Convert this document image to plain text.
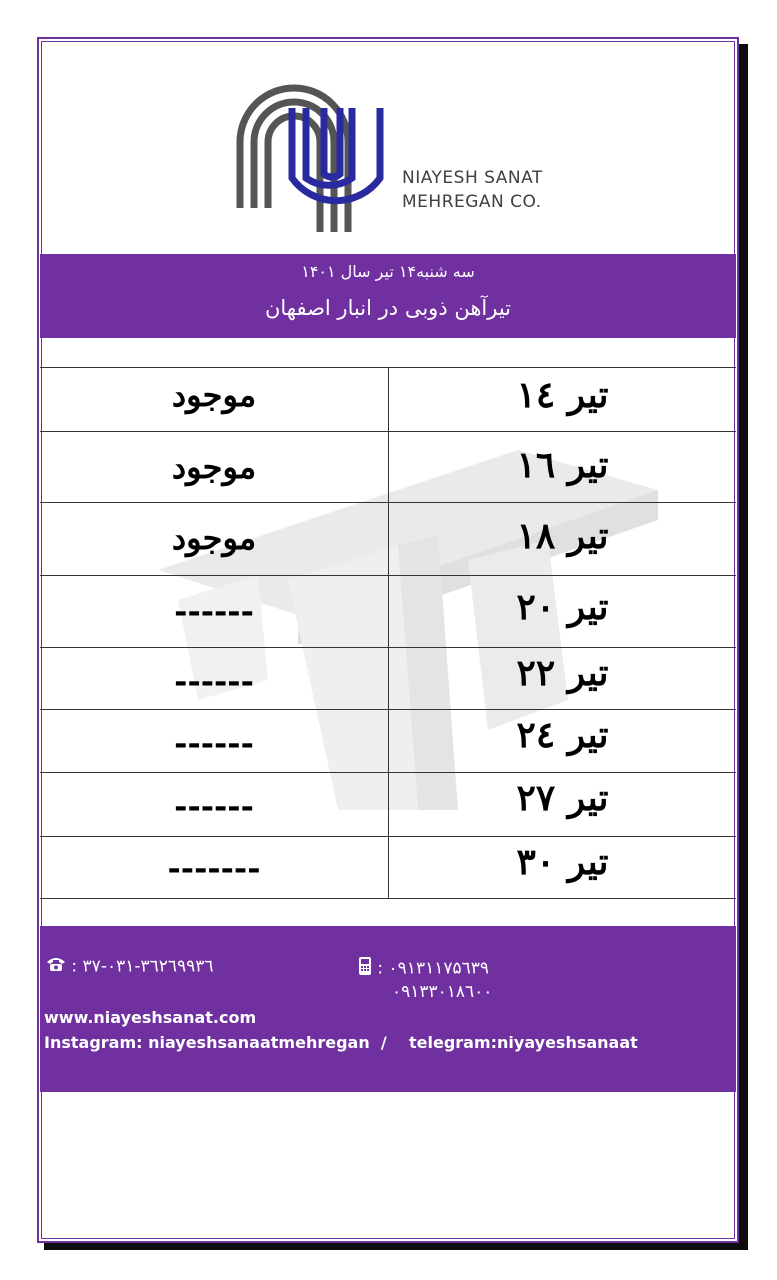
NIAYESH SANAT
MEHREGAN CO.
سه شنبه۱۴ تیر سال ۱۴۰۱
تیرآهن ذوبی در انبار اصفهان
موجود	تیر ۱٤
موجود	تیر ۱٦
موجود	تیر ۱۸
------	تیر ۲۰
------	تیر ۲۲
------	تیر ۲٤
------	تیر ۲۷
-------	تیر ۳۰
۰۳۱-۳٦۲٦۹۹۳٦-۳۷ :	۰۹۱۳۱۱۷۵٦۳۹ :
۰۹۱۳۳۰۱۸٦۰۰
www.niayeshsanat.com
Instagram: niayeshsanaatmehregan  /    telegram:niyayeshsanaat
